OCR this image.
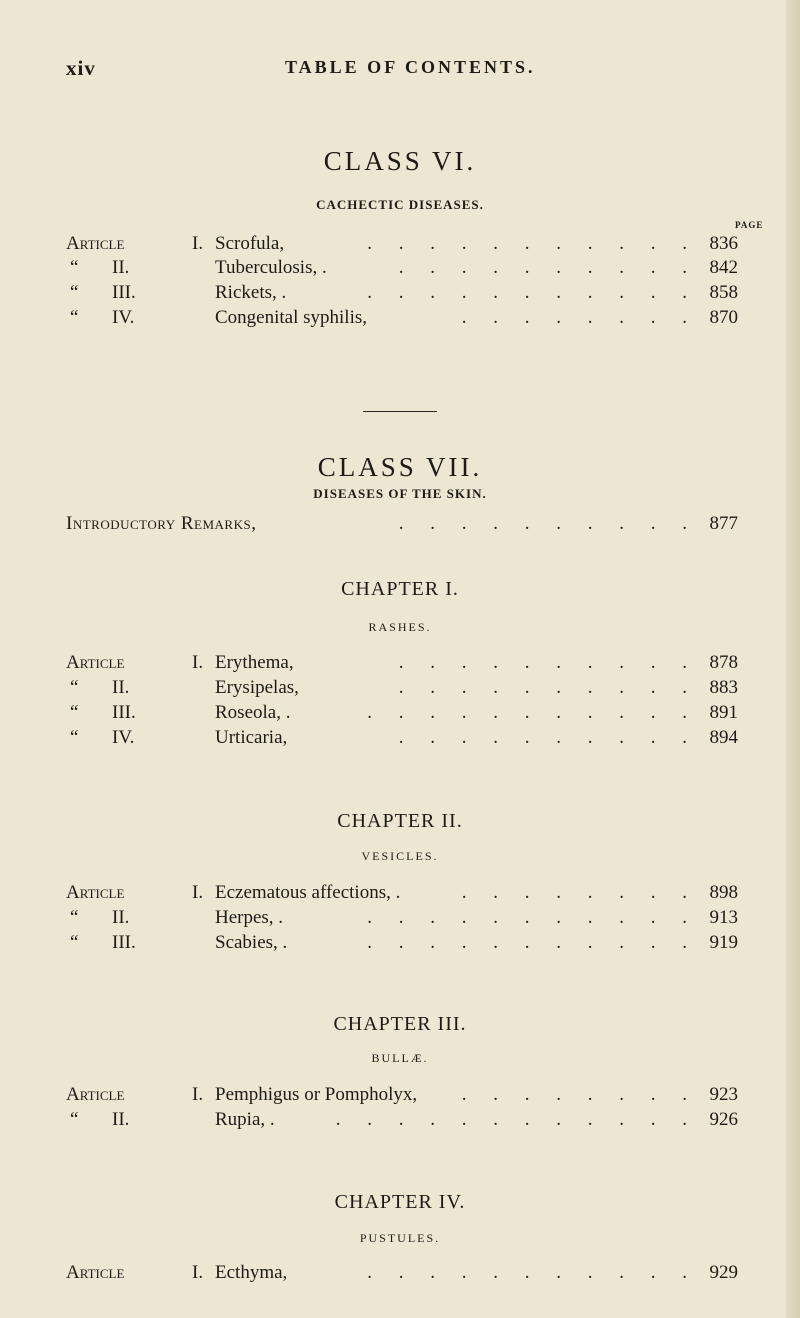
xiv	TABLE OF CONTENTS.
CLASS VI.
CACHECTIC DISEASES.
PAGE
Article	I. Scrofula,	. . . . . . . . . . . 836
“ II.	Tuberculosis, .	. . . . . . . . . . 842
“ III.	Rickets, .	. . . . . . . . . . . 858
“ IV.	Congenital syphilis,	. . . . . . . . 870
CLASS VII.
DISEASES OF THE SKIN.
Introductory Remarks,	. . . . . . . . . . 877
CHAPTER I.
RASHES.
Article	I. Erythema,	. . . . . . . . . . 878
“ II.	Erysipelas,	. . . . . . . . . . 883
“ III.	Roseola, .	. . . . . . . . . . . 891
“ IV.	Urticaria,	. . . . . . . . . . 894
CHAPTER II.
VESICLES.
Article	I. Eczematous affections, .	. . . . . . . . 898
“ II.	Herpes, .	. . . . . . . . . . . 913
“ III.	Scabies, .	. . . . . . . . . . . 919
CHAPTER III.
BULLÆ.
Article	I. Pemphigus or Pompholyx, . . . . . . . . 923
“ II.	Rupia, .	. . . . . . . . . . . . 926
CHAPTER IV.
PUSTULES.
Article	I. Ecthyma,	. . . . . . . . . . . 929
